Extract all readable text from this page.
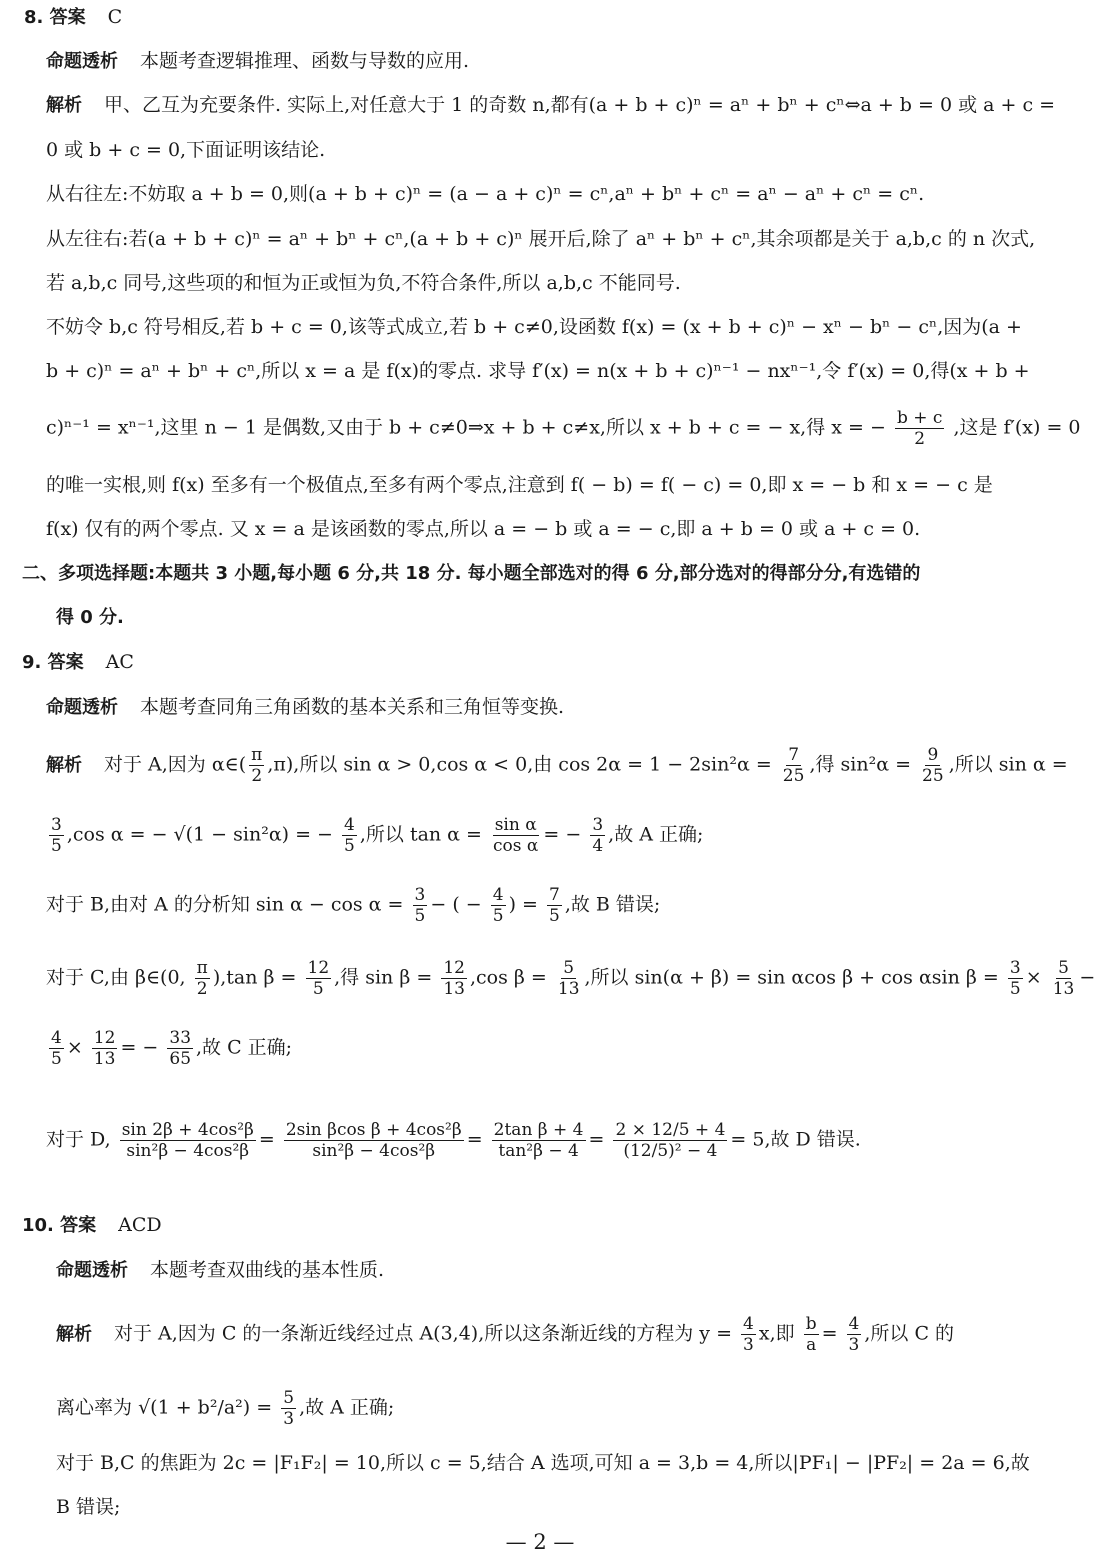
8. 答案 C
命题透析 本题考查逻辑推理、函数与导数的应用.
解析 甲、乙互为充要条件. 实际上,对任意大于 1 的奇数 n,都有(a + b + c)ⁿ = aⁿ + bⁿ + cⁿ⇔a + b = 0 或 a + c =
0 或 b + c = 0,下面证明该结论.
从右往左:不妨取 a + b = 0,则(a + b + c)ⁿ = (a − a + c)ⁿ = cⁿ,aⁿ + bⁿ + cⁿ = aⁿ − aⁿ + cⁿ = cⁿ.
从左往右:若(a + b + c)ⁿ = aⁿ + bⁿ + cⁿ,(a + b + c)ⁿ 展开后,除了 aⁿ + bⁿ + cⁿ,其余项都是关于 a,b,c 的 n 次式,
若 a,b,c 同号,这些项的和恒为正或恒为负,不符合条件,所以 a,b,c 不能同号.
不妨令 b,c 符号相反,若 b + c = 0,该等式成立,若 b + c≠0,设函数 f(x) = (x + b + c)ⁿ − xⁿ − bⁿ − cⁿ,因为(a +
b + c)ⁿ = aⁿ + bⁿ + cⁿ,所以 x = a 是 f(x)的零点. 求导 f′(x) = n(x + b + c)ⁿ⁻¹ − nxⁿ⁻¹,令 f′(x) = 0,得(x + b +
c)ⁿ⁻¹ = xⁿ⁻¹,这里 n − 1 是偶数,又由于 b + c≠0⇒x + b + c≠x,所以 x + b + c = − x,得 x = − $\frac{b + c}{2}$ ,这是 f′(x) = 0
的唯一实根,则 f(x) 至多有一个极值点,至多有两个零点,注意到 f( − b) = f( − c) = 0,即 x = − b 和 x = − c 是
f(x) 仅有的两个零点. 又 x = a 是该函数的零点,所以 a = − b 或 a = − c,即 a + b = 0 或 a + c = 0.
二、多项选择题:本题共 3 小题,每小题 6 分,共 18 分. 每小题全部选对的得 6 分,部分选对的得部分分,有选错的
得 0 分.
9. 答案 AC
命题透析 本题考查同角三角函数的基本关系和三角恒等变换.
解析 对于 A,因为 α∈( $\frac{\pi}{2} ,\pi$),所以 sin α > 0,cos α < 0,由 $\cos 2\alpha = 1 - 2\sin^2\alpha = \frac{7}{25}$ ,得 $\sin^2\alpha = \frac{9}{25}$ ,所以 sin α =
$\frac{3}{5} ,\cos$ α = − √(1 − sin²α) = − $\frac{4}{5}$ ,所以 $\tan \alpha = \frac{\text{sin α}}{\text{cos α}}$ = − $\frac{3}{4}$ ,故 A 正确;
对于 B,由对 A 的分析知 $\sin \alpha - \cos \alpha = \frac{3}{5}$ − ( − $\frac{4}{5}$ ) = $\frac{7}{5}$ ,故 B 错误;
对于 C,由 β∈(0, $\frac{\pi}{2} ),\tan$ $\beta = \frac{12}{5}$ ,得 $\sin \beta = \frac{12}{13} ,\cos$ $\beta = \frac{5}{13}$ ,所以 sin(α + β) = sin αcos β + cos αsin $\beta = \frac{3}{5} \times \frac{5}{13}$ −
$\frac{4}{5} \times \frac{12}{13}$ = − $\frac{33}{65}$ ,故 C 正确;
对于 D, $\frac{\text{sin 2β + 4cos²β}}{\text{sin²β − 4cos²β}} = \frac{\text{2sin βcos β + 4cos²β}}{\text{sin²β − 4cos²β}} = \frac{\text{2tan β + 4}}{\text{tan²β − 4}} = \frac{2 \times 12/5 + 4}{\text{(12/5)² − 4}} = 5$,故 D 错误.
10. 答案 ACD
命题透析 本题考查双曲线的基本性质.
解析 对于 A,因为 C 的一条渐近线经过点 A(3,4),所以这条渐近线的方程为 $y = \frac{4}{3} x$,即 $\frac{b}{a} = \frac{4}{3}$ ,所以 C 的
离心率为 $√(1 + b^2/a^2) = \frac{5}{3}$ ,故 A 正确;
对于 B,C 的焦距为 2c = |F₁F₂| = 10,所以 c = 5,结合 A 选项,可知 a = 3,b = 4,所以|PF₁| − |PF₂| = 2a = 6,故
B 错误;
— 2 —
